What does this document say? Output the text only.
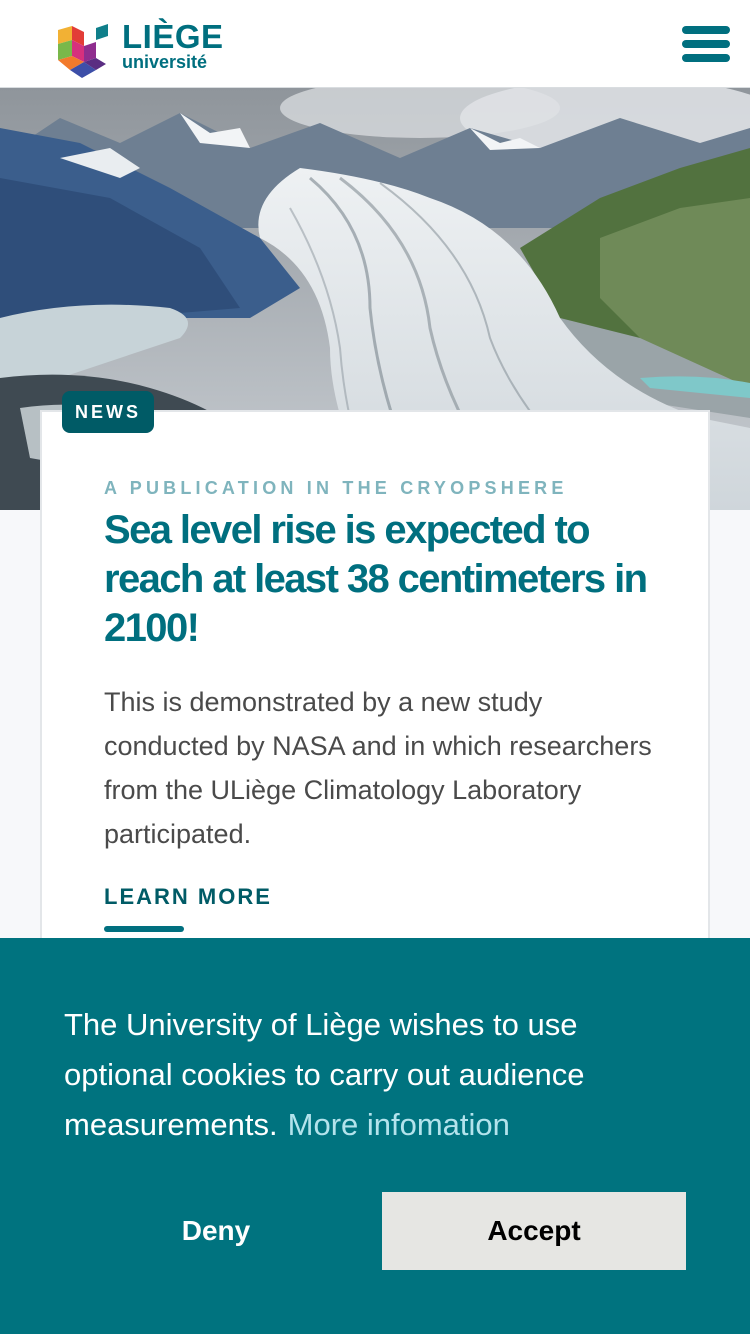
LIÈGE
université
NEWS
A PUBLICATION IN THE CRYOPSHERE
Sea level rise is expected to reach at least 38 centimeters in 2100!
This is demonstrated by a new study conducted by NASA and in which researchers from the ULiège Climatology Laboratory participated.
LEARN MORE

The University of Liège wishes to use optional cookies to carry out audience measurements. More infomation

Deny	Accept
